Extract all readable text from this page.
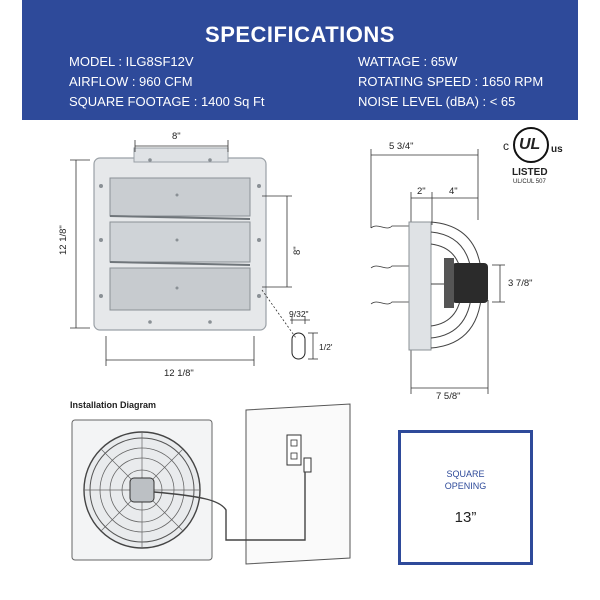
SPECIFICATIONS
MODEL : ILG8SF12V
AIRFLOW : 960 CFM
SQUARE FOOTAGE : 1400 Sq Ft
WATTAGE : 65W
ROTATING SPEED : 1650 RPM
NOISE LEVEL (dBA) : < 65
8"
12 1/8"	8"
12 1/8"
9/32"
1/2'
5 3/4"
2" 4"
3 7/8"
7 5/8"
c UL us
LISTED
UL/CUL 507
Installation Diagram
SQUARE
OPENING
13”
